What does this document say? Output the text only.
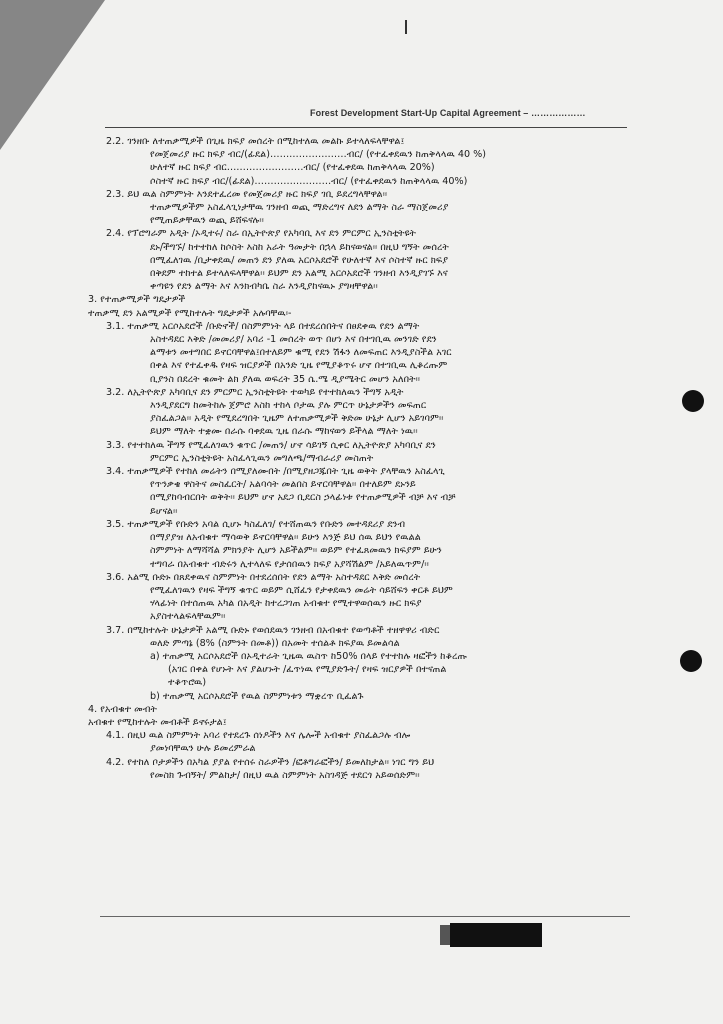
Forest Development Start-Up Capital Agreement – ………………
2.2. ገንዘቡ ለተጠቃሚዎች በጊዜ ክፍያ መሰረት በሚከተለዉ መልኩ ይተላለፍላቸዋል፤
የመጀመሪያ ዙር ክፍያ ብር/(ፊደል)……………………ብር/ (የተፈቀደዉን ከጠቅላላዉ 40 %)
ሁለተኛ ዙር ክፍያ ብር……………………ብር/ (የተፈቀደዉ ከጠቅላላዉ 20%)
ሶስተኛ ዙር ክፍያ ብር/(ፊደል)……………………ብር/ (የተፈቀደዉን ከጠቅላላዉ 40%)
2.3. ይህ ዉል ስምምነት እንደተፈረመ የመጀመሪያ ዙር ክፍያ ገቢ ይደረግላቸዋል፡፡
ተጠቃሚዎችም አስፈላጊነታቸዉ ገንዘብ ወጪ ማድረግና ለደን ልማት ስራ ማስጀመሪያ
የሚጠይቃቸዉን ወጪ ይሸፍናሉ፡፡
2.4. የፕሮግራም አዲት /ኦዲተሩ/ ስራ በኢትዮጵያ የአካባቢ እና ደን ምርምር ኢንስቲትዩት
ደኑ/ችግኙ/ ከተተከለ ከሶስት እስከ አራት ዓመታት በኋላ ይከናወናል፡፡ በዚህ ግኝት መሰረት
በሚፈለገዉ /ቢታቀደዉ/ መጠን ደን ያለዉ አርሶአደሮች የሁለተኛ እና ሶስተኛ ዙር ክፍያ
በቅደም ተከተል ይተላለፍላቸዋል፡፡ ይህም ደን አልሚ አርሶአደሮች ገንዘብ እንዲያገኙ እና
ቀጣዩን የደን ልማት እና እንክብካቤ ስራ እንዲያከናዉኑ ያግዛቸዋል፡፡
3. የተጠቃሚዎች ግዴታዎች
ተጠቃሚ ደን አልሚዎች የሚከተሉት ግዴታዎች አሉባቸዉ፡-
3.1. ተጠቃሚ አርሶአደሮች /ቡድኖች/ በስምምነት ላይ በተደረሰበትና በፀደቀዉ የደን ልማት
አስተዳደር እቅድ /መመሪያ/ አባሪ -1 መሰረት ወጥ በሆነ እና በተገቢዉ መንገድ የደን
ልማቱን መተግበር ይኖርባቸዋል፤በተለይም ቁሚ የደን ሽፋን ለመፍጠር እንዲያስችል አገር
በቀል እና የተፈቀዱ የዛፍ ዝርያዎች በአንድ ጊዜ የሚያቆጥሩ ሆኖ በተገቢዉ ሊቆረጡም
ቢያንስ በደረት ቁመት ልክ ያለዉ ወፍረት 35 ሴ.ሜ ዲያሜትር መሆን አለበት፡፡
3.2. ለኢትዮጵያ አካባቢና ደን ምርምር ኢንስቲትዩት ተወካይ የተተከለዉን ችግኝ አዲት
እንዲያደርግ ከመትከሉ ጀምሮ እስከ ተከላ ቦታዉ ያሉ ምርጥ ሁኔታዎችን መፍጠር
ያስፈልጋል፡፡ አዲት የሚደረግበት ጊዜም ለተጠቃሚዎች ቅድመ ሁኔታ ሊሆን አይገባም፡፡
ይህም ማለት ተቋሙ በራሱ ባቀደዉ ጊዜ በራሱ ማከናወን ይችላል ማለት ነዉ፡፡
3.3. የተተከለዉ ችግኝ የሚፈለገዉን ቁጥር /መጠን/ ሆኖ ሳይገኝ ሲቀር ለኢትዮጵያ አካባቢና ደን
ምርምር ኢንስቲትዩት አስፈላጊዉን መግለጫ/ማብራሪያ መስጠት
3.4. ተጠቃሚዎች የተከለ መሬትን በሚያለሙበት /በሚያዘጋጁበት ጊዜ ወቅት ያላቸዉን አስፈላጊ
የጥንቃቄ ዋስትና መስፈርት/ አልባሳት መልበስ ይኖርባቸዋል፡፡ በተለይም ደኑንይ
በሚያከባብርበት ወቅት፡፡ ይህም ሆኖ አደጋ ቢደርስ ኃላፊነቱ የተጠቃሚዎች ብቻ እና ብቻ
ይሆናል፡፡
3.5. ተጠቃሚዎች የቡድን አባል ሲሆኑ ካስፈለገ/ የተሸጠዉን የቡድን መተዳደሪያ ደንብ
በማያያዝ ለአብቁተ ማሳወቅ ይኖርባቸዋል፡፡ ይሁን እንጅ ይህ ሰዉ ይህን የዉልል
ስምምነት ለማሻሻል ምክንያት ሊሆን አይችልም፡፡ ወይም የተፈጸመዉን ክፍያም ይሁን
ተግባራ በአብቁተ ብድሩን ሊተላለፍ የታሰበዉን ክፍያ አያሻሽልም /አይለዉጥም/፡፡
3.6. አልሚ ቡድኑ በጸደቀዉና ስምምነት በተደረሰበት የደን ልማት አስተዳደር እቅድ መሰረት
የሚፈለገዉን የዛፍ ችግኝ ቁጥር ወይም ሲሸፈን የታቀደዉን መሬት ሳይሸፍን ቀርቶ ይህም
ሃላፊነት በተሰጠዉ አካል በአዲት ከተረጋገጠ አብቁተ የሚተዋወሰዉን ዙር ክፍያ
አያስተላልፍላቸዉም፡፡
3.7. በሚከተሉት ሁኔታዎች አልሚ ቡድኑ የወሰደዉን ገንዘብ በአብቁተ የወጣቶች ተዘዋዋሪ ብድር
ወለድ ምጣኔ (8% (ስምንት በመቶ)) በአመት ተሰልቶ ክፍያዉ ይመልሳል
a) ተጠቃሚ አርሶአደሮች በኦዲተራት ጊዜዉ ዉስጥ ከ50% በላይ የተተከሉ ዛፎችን ከቆረጡ
(አገር በቀል የሆኑት እና ያልሆኑት /ፈጥነዉ የሚያድጉት/ የዛፍ ዝርያዎች በተናጠል
ተቆጥሮዉ)
b) ተጠቃሚ አርሶአደሮች የዉል ስምምነቱን ማቋረጥ ቢፈልጉ
4. የአብቁተ መብት
አብቁተ የሚከተሉት መብቶች ይኖሩታል፤
4.1. በዚህ ዉል ስምምነት አባሪ የተደረጉ ሰነዶችን እና ሌሎች አብቁተ ያስፈልጋሉ ብሎ
ያመነባቸዉን ሁሉ ይመረምራል
4.2. የተከለ ቦታዎችን በአካል ያያል የተሰሩ ስራዎችን /ፎቶግራፎችን/ ይመለከታል፡፡ ነገር ግን ይህ
የመስክ ጉብኝት/ ምልከታ/ በዚህ ዉል ስምምነት አስገዳጅ ተደርጎ አይወሰድም፡፡
